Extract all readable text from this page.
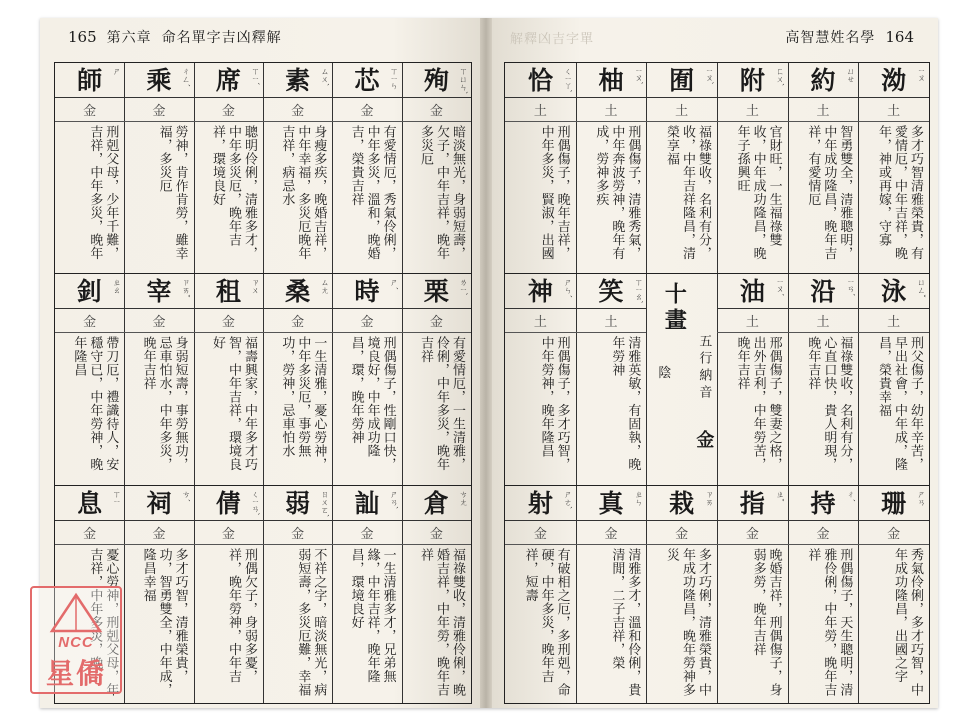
165 第六章 命名單字吉凶釋解
師 ㄕ
金
刑剋父母，少年千難，吉祥，中年多災，晚年
乘 ㄔㄥˊ
金
勞神，肯作肯勞，雖幸福，多災厄
席 ㄒㄧˊ
金
聰明伶俐，清雅多才，中年多災厄，晚年吉祥，環境良好
素 ㄙㄨˋ
金
身瘦多疾，晚婚吉祥，中年幸福，多災厄晚年吉祥，病忌水
芯 ㄒㄧㄣ
金
有愛情厄，秀氣伶俐，中年多災，溫和，晚婚吉，榮貴吉祥
殉 ㄒㄩㄣˋ
金
暗淡無光，身弱短壽，欠子，中年吉祥，晚年多災厄
釗 ㄓㄠ
金
帶刀厄，禮識待人，安穩守已，中年勞神，晚年隆昌
宰 ㄗㄞˇ
金
身弱短壽，事勞無功，忌車怕水，中年多災，晚年吉祥
租 ㄗㄨ
金
福壽興家，中年多才巧智，中年吉祥，環境良好
桑 ㄙㄤ
金
一生清雅，憂心勞神，中年多災厄，事勞無功，勞神，忌車怕水
時 ㄕˊ
金
刑偶傷子，性剛口快，境良好，中年成功隆昌，環，晚年勞神
栗 ㄌㄧˋ
金
有愛情厄，一生清雅，伶俐，中年多災，晚年吉祥
息 ㄒㄧ
金
憂心勞神，刑剋父母，年吉祥，中年多災，晚
祠 ㄘˊ
金
多才巧智，清雅榮貴，功，智勇雙全，中年成，隆昌幸福
倩 ㄑㄧㄢˋ
金
刑偶欠子，身弱多憂，祥，晚年勞神，中年吉
弱 ㄖㄨㄛˋ
金
不祥之字，暗淡無光，病弱短壽，多災厄難，幸福
訕 ㄕㄢˋ
金
一生清雅多才，兄弟無緣，中年吉祥，晚年隆昌，環境良好
倉 ㄘㄤ
金
福祿雙收，清雅伶俐，晚婚吉祥，中年勞，晚年吉祥
解釋凶吉字單	高智慧姓名學 164
恰 ㄑㄧㄚˋ
土
刑偶傷子，晚年吉祥，中年多災，賢淑，出國
柚 ㄧㄡˋ
土
刑偶傷子，清雅秀氣，中年奔波勞神，晚年有成，勞神多疾
囿 ㄧㄡˋ
土
福祿雙收，名利有分，收，中年吉祥隆昌，清榮享福
附 ㄈㄨˋ
土
官財旺，一生福祿雙收，中年成功隆昌，晚年子孫興旺
約 ㄩㄝ
土
智勇雙全，清雅聰明，中年成功隆昌，晚年吉祥，有愛情厄
泑 ㄧㄡ
土
多才巧智清雅榮貴，有愛情厄，中年吉祥，晚年，神或再嫁，守寡
神 ㄕㄣˊ
土
刑偶傷子，多才巧智，中年勞神，晚年隆昌
笑 ㄒㄧㄠˋ
土
清雅英敏，有固執，晚年勞神
十畫
陰 五行納音
金
油 ㄧㄡˊ
土
邢偶傷子，雙妻之格，出外吉利，中年勞苦，晚年吉祥
沿 ㄧㄢˊ
土
福祿雙收，名利有分，心直口快，貴人明現，晚年吉祥
泳 ㄩㄥˇ
土
刑父傷子，幼年辛苦，早出社會，中年成，隆昌，榮貴幸福
射 ㄕㄜˋ
金
有破相之厄，多刑剋，命硬，中年多災，晚年吉祥，短壽
真 ㄓㄣ
金
清雅多才，溫和伶俐，貴清閒，二子吉祥，榮
栽 ㄗㄞ
金
多才巧俐，清雅榮貴，中年成功隆昌，晚年勞神多災
指 ㄓˇ
金
晚婚吉祥，刑偶傷子，身弱多勞，晚年吉祥
持 ㄔˊ
金
刑偶傷子，天生聰明，清雅伶俐，中年勞，晚年吉祥
珊 ㄕㄢ
金
秀氣伶俐，多才巧智，中年成功隆昌，出國之字
NCC
星僑
